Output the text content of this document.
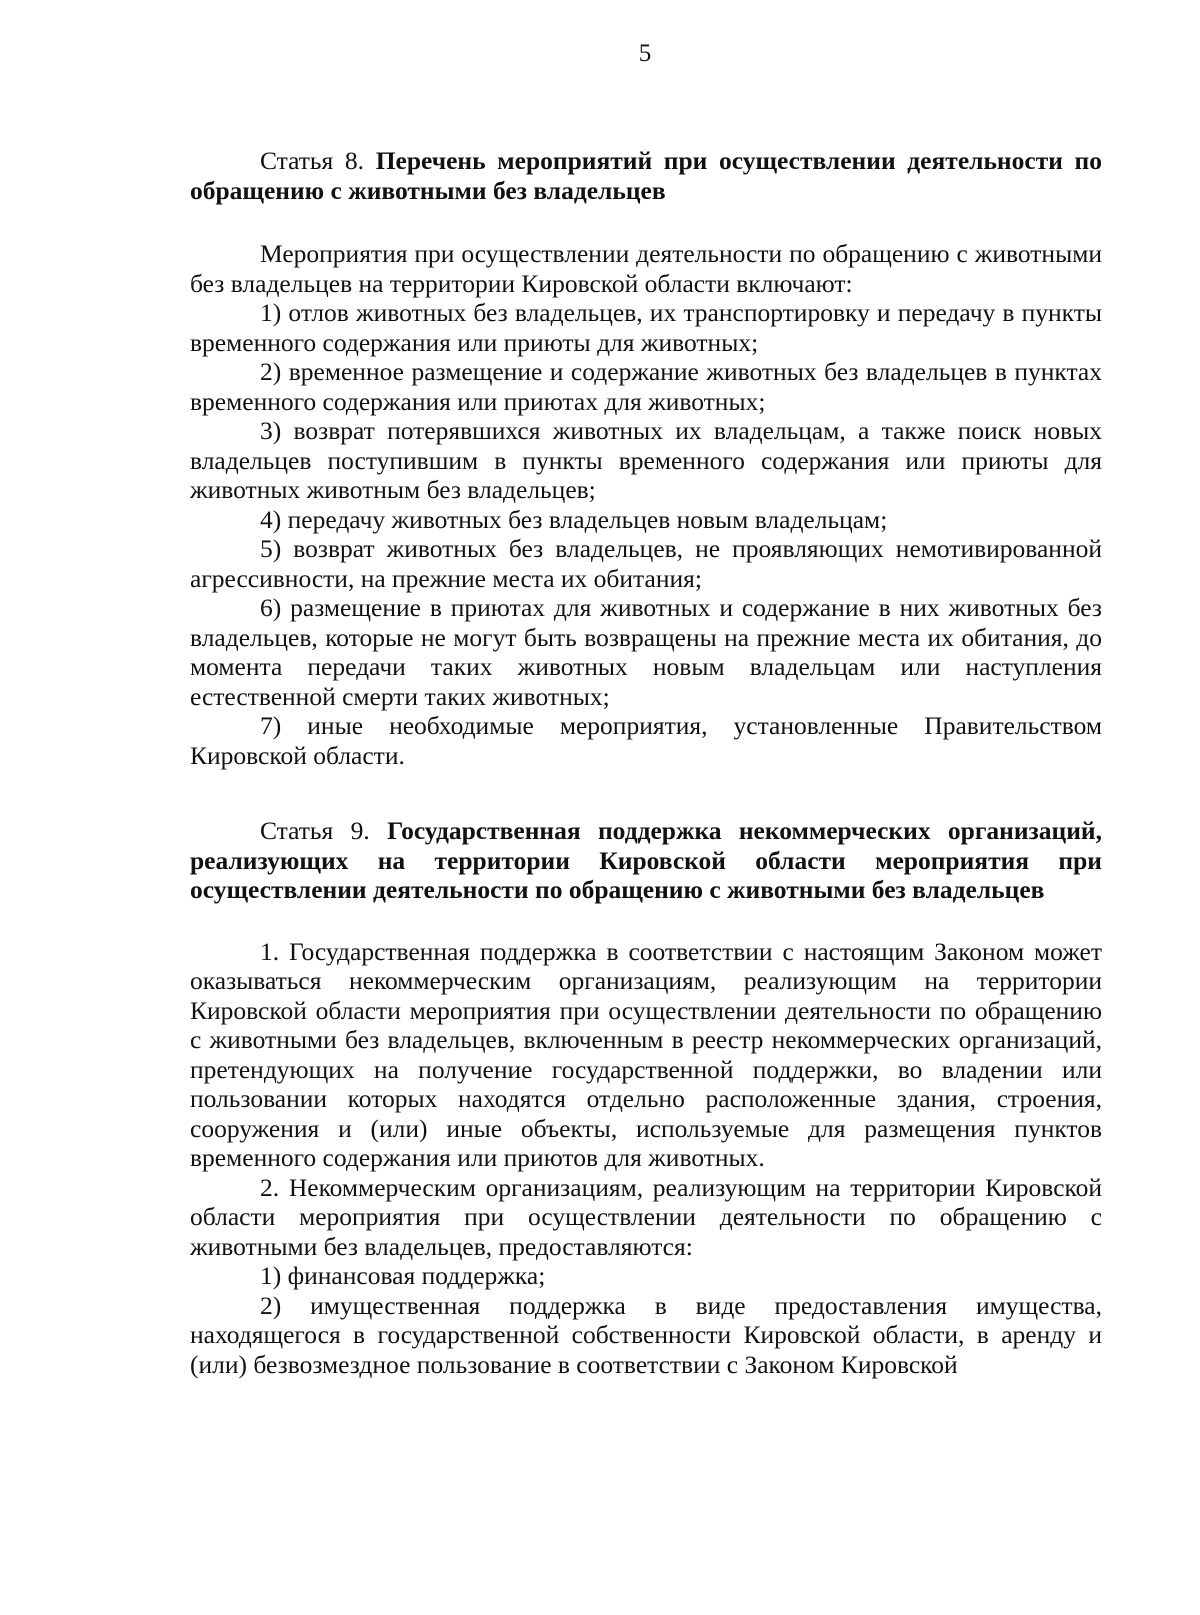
5

Статья 8. Перечень мероприятий при осуществлении деятельности по обращению с животными без владельцев

Мероприятия при осуществлении деятельности по обращению с животными без владельцев на территории Кировской области включают:

1) отлов животных без владельцев, их транспортировку и передачу в пункты временного содержания или приюты для животных;
2) временное размещение и содержание животных без владельцев в пунктах временного содержания или приютах для животных;
3) возврат потерявшихся животных их владельцам, а также поиск новых владельцев поступившим в пункты временного содержания или приюты для животных животным без владельцев;
4) передачу животных без владельцев новым владельцам;
5) возврат животных без владельцев, не проявляющих немотивированной агрессивности, на прежние места их обитания;
6) размещение в приютах для животных и содержание в них животных без владельцев, которые не могут быть возвращены на прежние места их обитания, до момента передачи таких животных новым владельцам или наступления естественной смерти таких животных;
7) иные необходимые мероприятия, установленные Правительством Кировской области.

Статья 9. Государственная поддержка некоммерческих организаций, реализующих на территории Кировской области мероприятия при осуществлении деятельности по обращению с животными без владельцев

1. Государственная поддержка в соответствии с настоящим Законом может оказываться некоммерческим организациям, реализующим на территории Кировской области мероприятия при осуществлении деятельности по обращению с животными без владельцев, включенным в реестр некоммерческих организаций, претендующих на получение государственной поддержки, во владении или пользовании которых находятся отдельно расположенные здания, строения, сооружения и (или) иные объекты, используемые для размещения пунктов временного содержания или приютов для животных.

2. Некоммерческим организациям, реализующим на территории Кировской области мероприятия при осуществлении деятельности по обращению с животными без владельцев, предоставляются:

1) финансовая поддержка;
2) имущественная поддержка в виде предоставления имущества, находящегося в государственной собственности Кировской области, в аренду и (или) безвозмездное пользование в соответствии с Законом Кировской
